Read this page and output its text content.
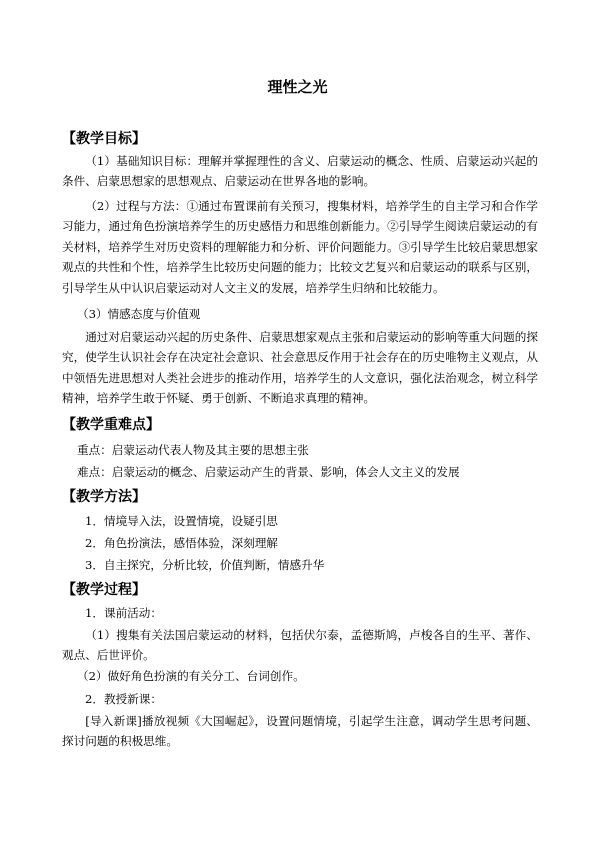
理性之光
【教学目标】
（1）基础知识目标：理解并掌握理性的含义、启蒙运动的概念、性质、启蒙运动兴起的条件、启蒙思想家的思想观点、启蒙运动在世界各地的影响。
（2）过程与方法：①通过布置课前有关预习，搜集材料，培养学生的自主学习和合作学习能力，通过角色扮演培养学生的历史感悟力和思维创新能力。②引导学生阅读启蒙运动的有关材料，培养学生对历史资料的理解能力和分析、评价问题能力。③引导学生比较启蒙思想家观点的共性和个性，培养学生比较历史问题的能力；比较文艺复兴和启蒙运动的联系与区别，引导学生从中认识启蒙运动对人文主义的发展，培养学生归纳和比较能力。
（3）情感态度与价值观
通过对启蒙运动兴起的历史条件、启蒙思想家观点主张和启蒙运动的影响等重大问题的探究，使学生认识社会存在决定社会意识、社会意思反作用于社会存在的历史唯物主义观点，从中领悟先进思想对人类社会进步的推动作用，培养学生的人文意识，强化法治观念，树立科学精神，培养学生敢于怀疑、勇于创新、不断追求真理的精神。
【教学重难点】
重点：启蒙运动代表人物及其主要的思想主张
难点：启蒙运动的概念、启蒙运动产生的背景、影响，体会人文主义的发展
【教学方法】
1．情境导入法，设置情境，设疑引思
2．角色扮演法，感悟体验，深刻理解
3．自主探究，分析比较，价值判断，情感升华
【教学过程】
1．课前活动：
（1）搜集有关法国启蒙运动的材料，包括伏尔泰，孟德斯鸠，卢梭各自的生平、著作、观点、后世评价。
（2）做好角色扮演的有关分工、台词创作。
2．教授新课：
[导入新课]播放视频《大国崛起》，设置问题情境，引起学生注意，调动学生思考问题、探讨问题的积极思维。
